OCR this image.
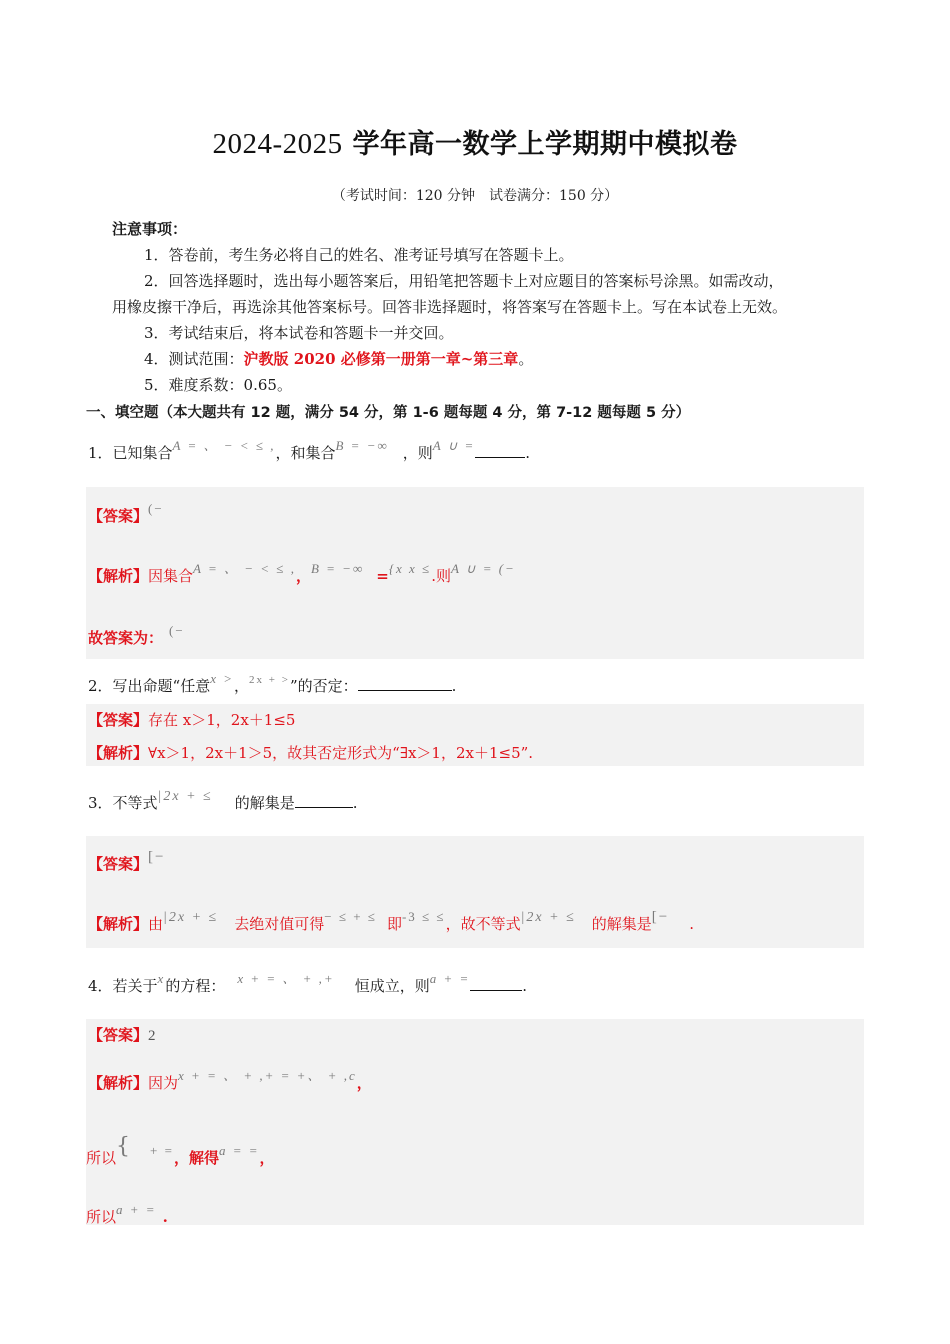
2024-2025 学年高一数学上学期期中模拟卷
（考试时间：120 分钟　试卷满分：150 分）
注意事项：
1．答卷前，考生务必将自己的姓名、准考证号填写在答题卡上。
2．回答选择题时，选出每小题答案后，用铅笔把答题卡上对应题目的答案标号涂黑。如需改动，
用橡皮擦干净后，再选涂其他答案标号。回答非选择题时，将答案写在答题卡上。写在本试卷上无效。
3．考试结束后，将本试卷和答题卡一并交回。
4．测试范围：沪教版 2020 必修第一册第一章~第三章。
5．难度系数：0.65。
一、填空题（本大题共有 12 题，满分 54 分，第 1-6 题每题 4 分，第 7-12 题每题 5 分）
1．已知集合A = 、 − < ≤ ,，和集合B = −∞ ，则A ∪ =	.
【答案】(−
【解析】因集合A = 、 − < ≤ ,，B = −∞ ={x x ≤.则A ∪ = (−
故答案为： (−
2．写出命题“任意x >，$^{2x + >}$”的否定：	.
【答案】存在 x＞1，2x＋1≤5
【解析】∀x＞1，2x＋1＞5，故其否定形式为“∃x＞1，2x＋1≤5”.
3．不等式|2x + ≤ 的解集是	.
【答案】[−
【解析】由|2x + ≤ 去绝对值可得− ≤ + ≤ 即-3 ≤ ≤，故不等式|2x + ≤ 的解集是[− .
4．若关于x的方程： x + = 、 + ,+ 恒成立，则a + =	.
【答案】2
【解析】因为x + = 、 + ,+ = +、 + ,c，
所以{ + =，解得a = =，
所以a + = .
